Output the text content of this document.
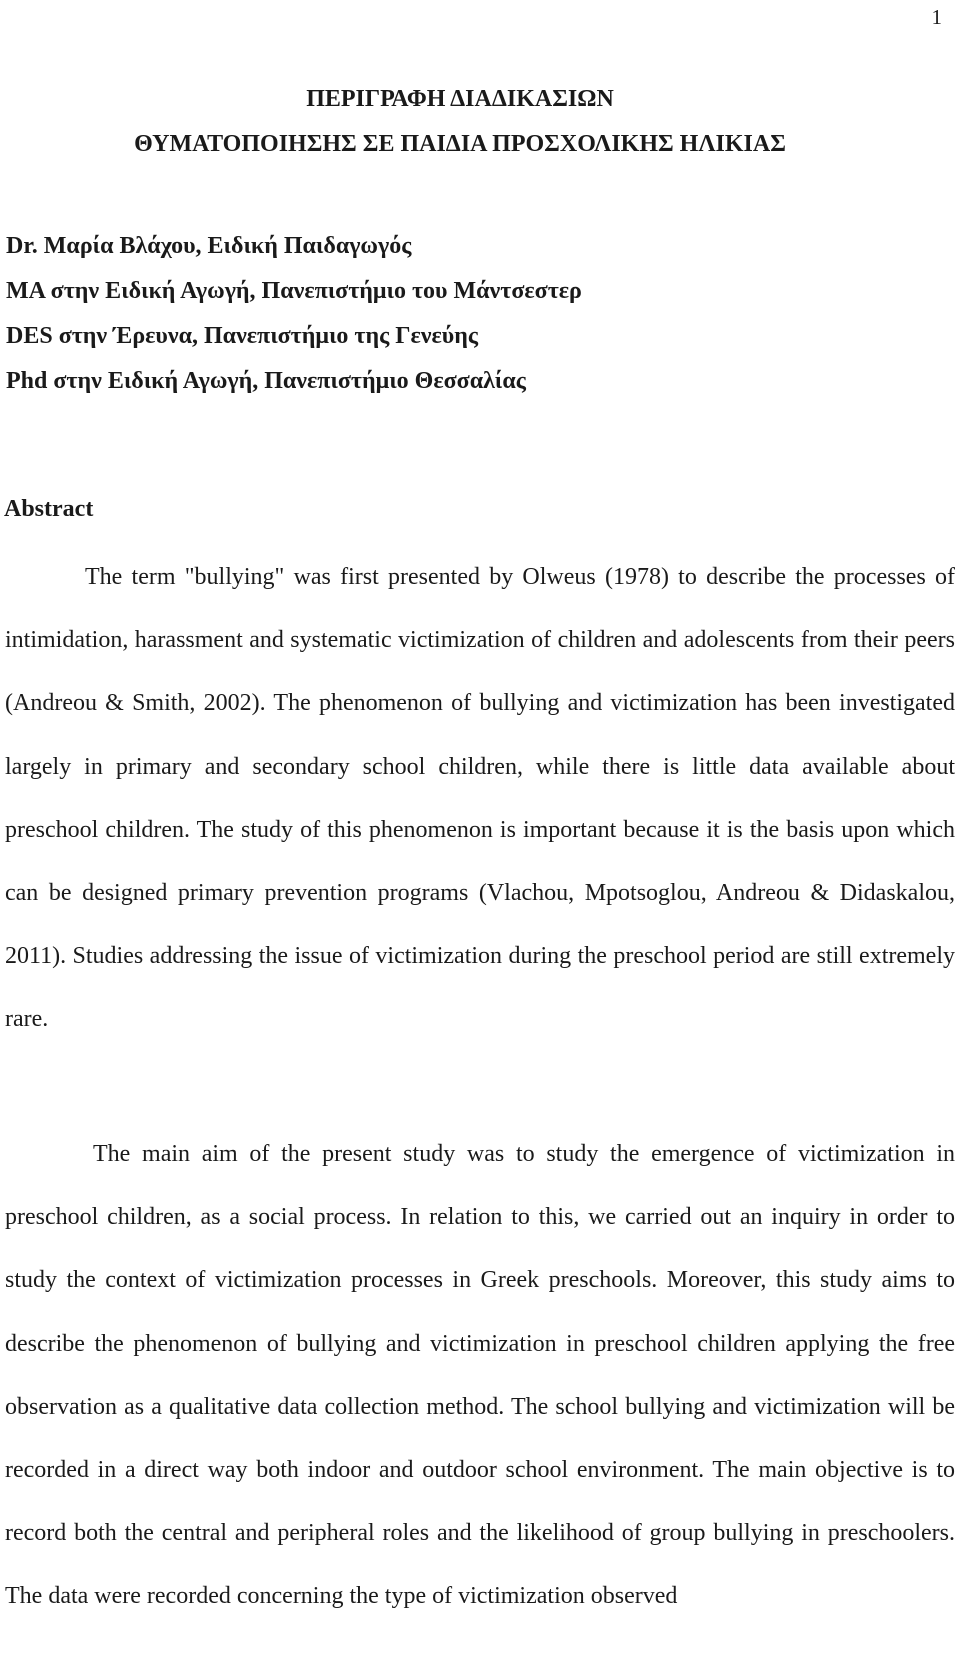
1
ΠΕΡΙΓΡΑΦΗ ΔΙΑΔΙΚΑΣΙΩΝ
ΘΥΜΑΤΟΠΟΙΗΣΗΣ ΣΕ ΠΑΙΔΙΑ ΠΡΟΣΧΟΛΙΚΗΣ ΗΛΙΚΙΑΣ
Dr. Μαρία Βλάχου, Ειδική Παιδαγωγός
MA στην Ειδική Αγωγή, Πανεπιστήμιο του Μάντσεστερ
DES στην Έρευνα, Πανεπιστήμιο της Γενεύης
Phd στην Ειδική Αγωγή, Πανεπιστήμιο Θεσσαλίας
Abstract

The term "bullying" was first presented by Olweus (1978) to describe the processes of intimidation, harassment and systematic victimization of children and adolescents from their peers (Andreou & Smith, 2002). The phenomenon of bullying and victimization has been investigated largely in primary and secondary school children, while there is little data available about preschool children. The study of this phenomenon is important because it is the basis upon which can be designed primary prevention programs (Vlachou, Mpotsoglou, Andreou & Didaskalou, 2011). Studies addressing the issue of victimization during the preschool period are still extremely rare.

The main aim of the present study was to study the emergence of victimization in preschool children, as a social process. In relation to this, we carried out an inquiry in order to study the context of victimization processes in Greek preschools. Moreover, this study aims to describe the phenomenon of bullying and victimization in preschool children applying the free observation as a qualitative data collection method. The school bullying and victimization will be recorded in a direct way both indoor and outdoor school environment. The main objective is to record both the central and peripheral roles and the likelihood of group bullying in preschoolers. The data were recorded concerning the type of victimization observed
